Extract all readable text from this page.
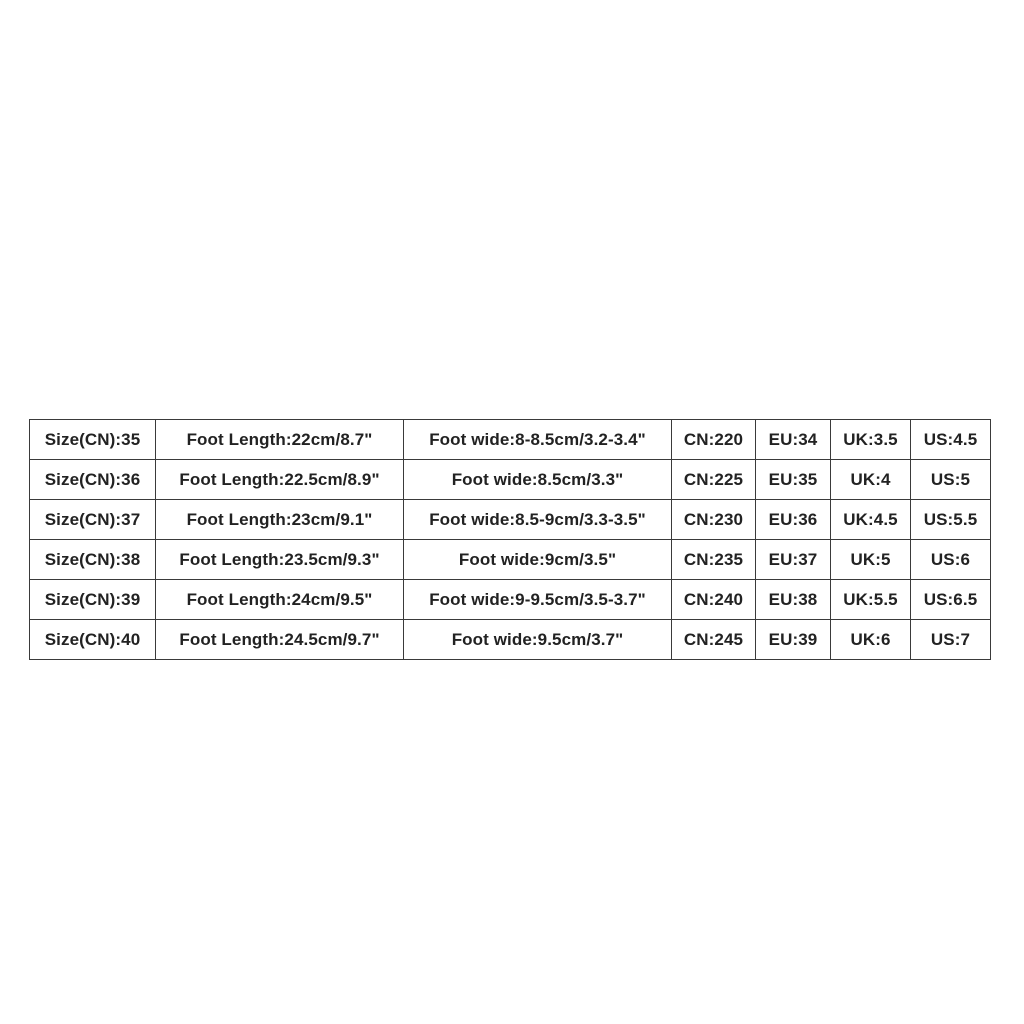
Size(CN):35	Foot Length:22cm/8.7"	Foot wide:8-8.5cm/3.2-3.4"	CN:220	EU:34	UK:3.5	US:4.5
Size(CN):36	Foot Length:22.5cm/8.9"	Foot wide:8.5cm/3.3"	CN:225	EU:35	UK:4	US:5
Size(CN):37	Foot Length:23cm/9.1"	Foot wide:8.5-9cm/3.3-3.5"	CN:230	EU:36	UK:4.5	US:5.5
Size(CN):38	Foot Length:23.5cm/9.3"	Foot wide:9cm/3.5"	CN:235	EU:37	UK:5	US:6
Size(CN):39	Foot Length:24cm/9.5"	Foot wide:9-9.5cm/3.5-3.7"	CN:240	EU:38	UK:5.5	US:6.5
Size(CN):40	Foot Length:24.5cm/9.7"	Foot wide:9.5cm/3.7"	CN:245	EU:39	UK:6	US:7
